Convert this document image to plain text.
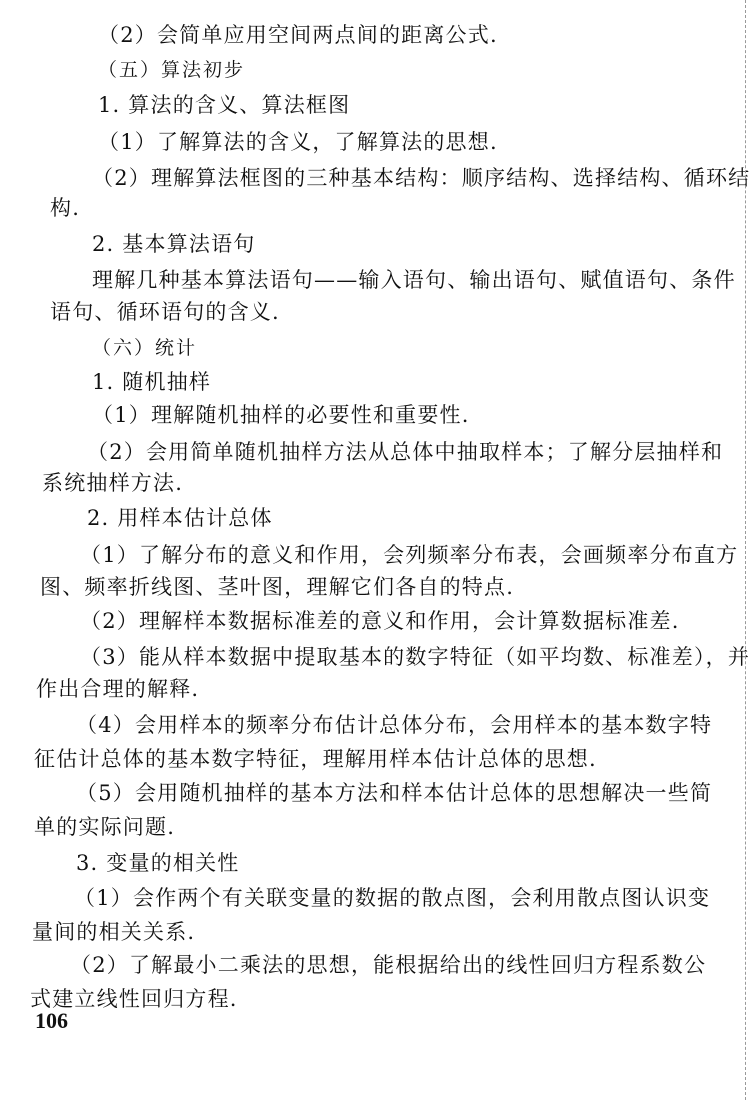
（2）会简单应用空间两点间的距离公式.
（五）算法初步
1. 算法的含义、算法框图
（1）了解算法的含义，了解算法的思想.
（2）理解算法框图的三种基本结构：顺序结构、选择结构、循环结
构.
2. 基本算法语句
理解几种基本算法语句——输入语句、输出语句、赋值语句、条件
语句、循环语句的含义.
（六）统计
1. 随机抽样
（1）理解随机抽样的必要性和重要性.
（2）会用简单随机抽样方法从总体中抽取样本；了解分层抽样和
系统抽样方法.
2. 用样本估计总体
（1）了解分布的意义和作用，会列频率分布表，会画频率分布直方
图、频率折线图、茎叶图，理解它们各自的特点.
（2）理解样本数据标准差的意义和作用，会计算数据标准差.
（3）能从样本数据中提取基本的数字特征（如平均数、标准差），并
作出合理的解释.
（4）会用样本的频率分布估计总体分布，会用样本的基本数字特
征估计总体的基本数字特征，理解用样本估计总体的思想.
（5）会用随机抽样的基本方法和样本估计总体的思想解决一些简
单的实际问题.
3. 变量的相关性
（1）会作两个有关联变量的数据的散点图，会利用散点图认识变
量间的相关关系.
（2）了解最小二乘法的思想，能根据给出的线性回归方程系数公
式建立线性回归方程.
106
